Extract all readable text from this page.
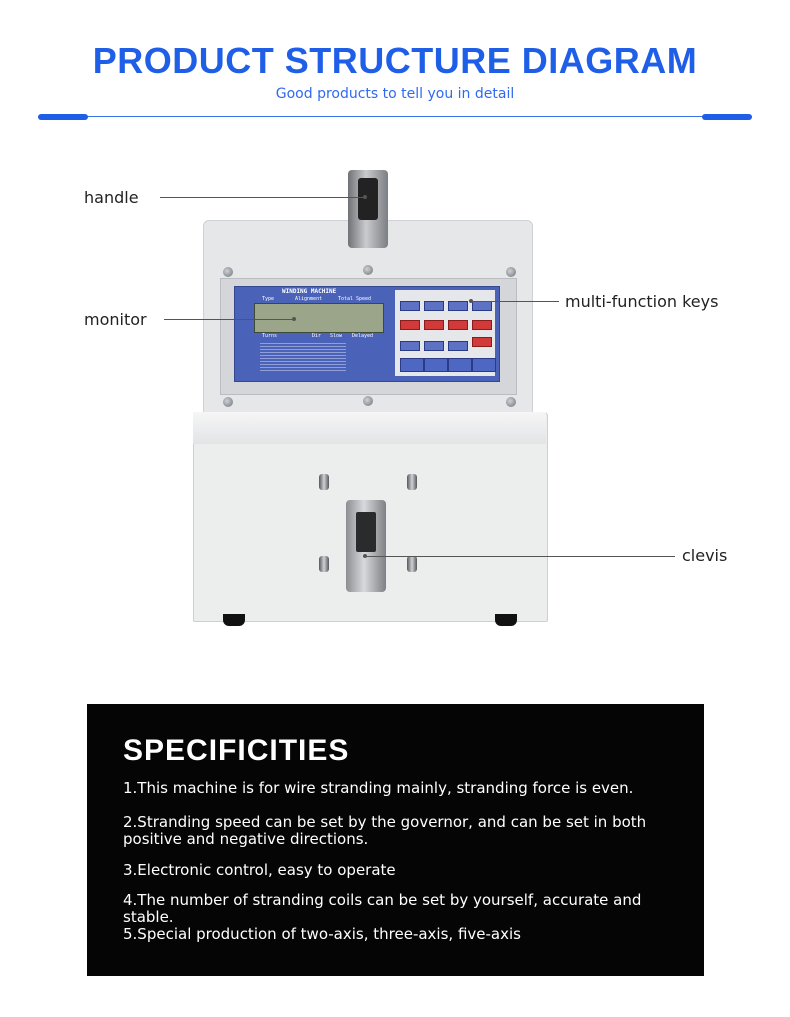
PRODUCT STRUCTURE DIAGRAM
Good products to tell you in detail
WINDING MACHINE
Type	Alignment	Total Speed
Turns	Dir Slow Delayed
handle
monitor
multi-function keys
clevis
SPECIFICITIES
1.This machine is for wire stranding mainly, stranding force is even.
2.Stranding speed can be set by the governor, and can be set in both positive and negative directions.
3.Electronic control, easy to operate
4.The number of stranding coils can be set by yourself, accurate and stable.
5.Special production of two-axis, three-axis, five-axis
